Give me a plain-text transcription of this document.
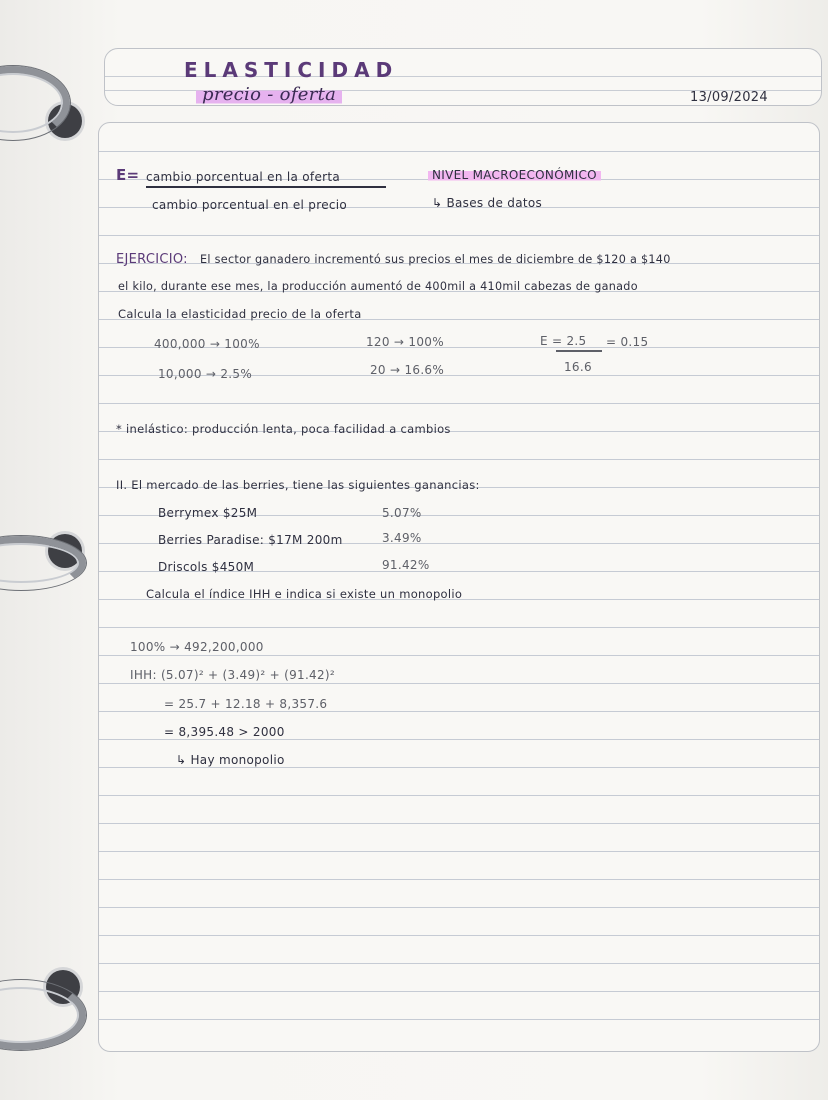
ELASTICIDAD
precio - oferta	13/09/2024
E= cambio porcentual en la oferta
cambio porcentual en el precio
NIVEL MACROECONÓMICO
↳ Bases de datos
EJERCICIO: El sector ganadero incrementó sus precios el mes de diciembre de $120 a $140
el kilo, durante ese mes, la producción aumentó de 400mil a 410mil cabezas de ganado
Calcula la elasticidad precio de la oferta
400,000 → 100%
10,000 → 2.5%
120 → 100%
20 → 16.6%
E = 2.5
16.6
= 0.15
* inelástico: producción lenta, poca facilidad a cambios
II. El mercado de las berries, tiene las siguientes ganancias:
Berrymex $25M	5.07%
Berries Paradise: $17M 200m	3.49%
Driscols $450M	91.42%
Calcula el índice IHH e indica si existe un monopolio
100% → 492,200,000
IHH: (5.07)² + (3.49)² + (91.42)²
= 25.7 + 12.18 + 8,357.6
= 8,395.48 > 2000
↳ Hay monopolio
